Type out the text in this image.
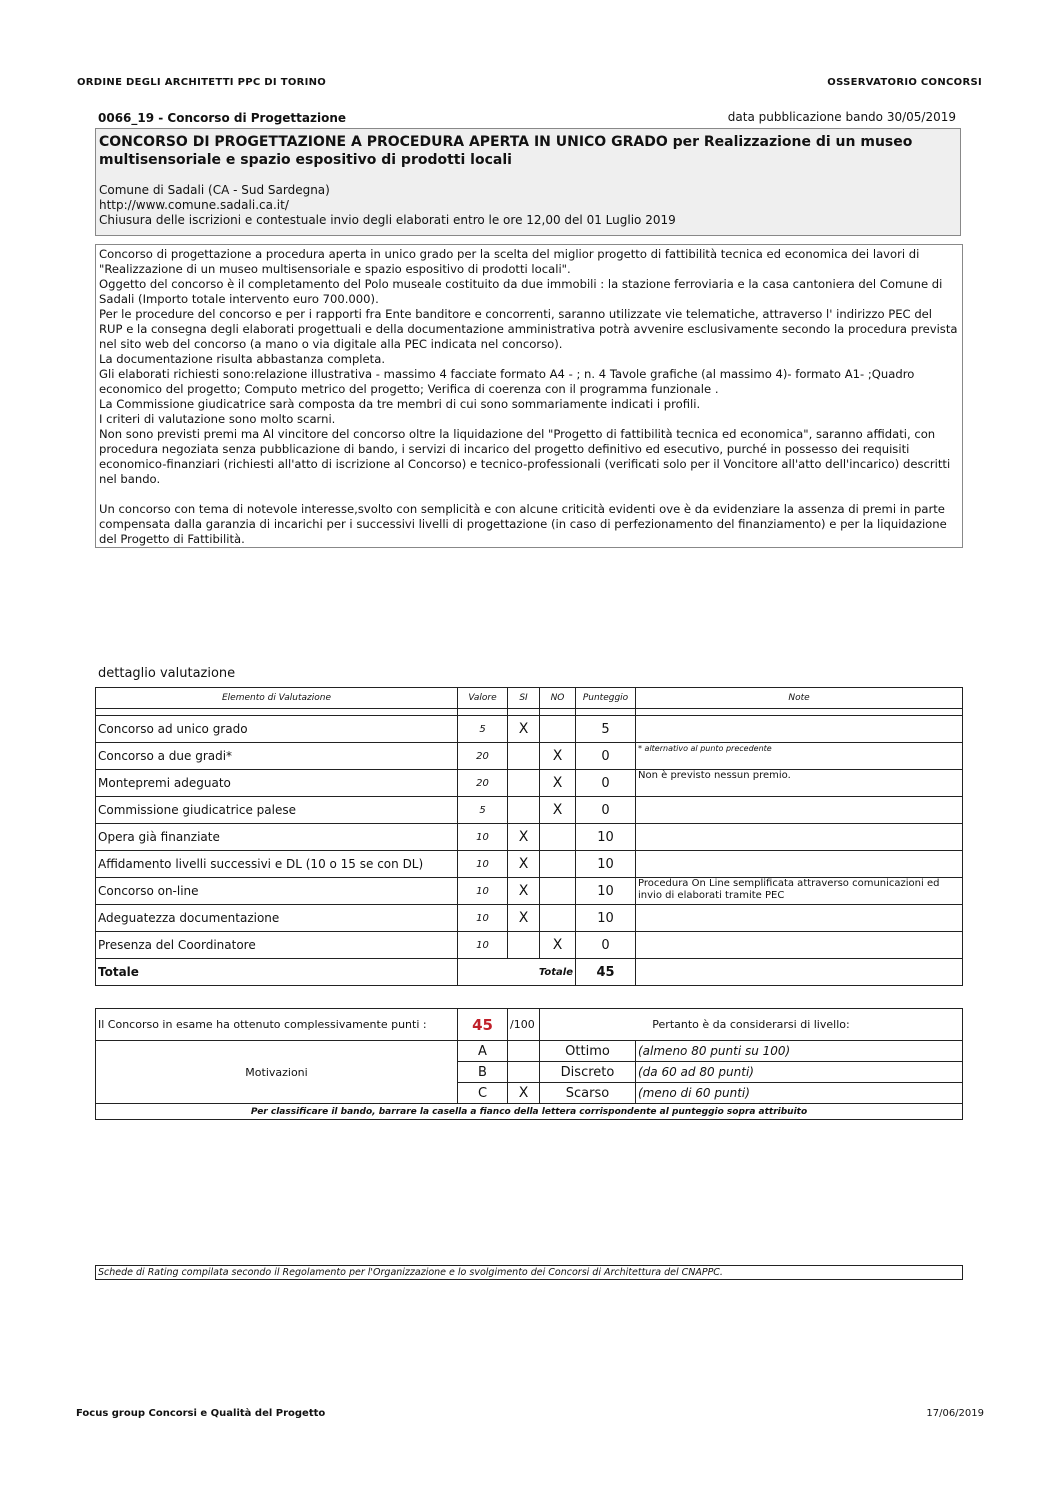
ORDINE DEGLI ARCHITETTI PPC DI TORINO	OSSERVATORIO CONCORSI
0066_19 - Concorso di Progettazione	data pubblicazione bando 30/05/2019
CONCORSO DI PROGETTAZIONE A PROCEDURA APERTA IN UNICO GRADO per Realizzazione di un museo multisensoriale e spazio espositivo di prodotti locali
Comune di Sadali (CA - Sud Sardegna)
http://www.comune.sadali.ca.it/
Chiusura delle iscrizioni e contestuale invio degli elaborati entro le ore 12,00 del 01 Luglio 2019

Concorso di progettazione a procedura aperta in unico grado per la scelta del miglior progetto di fattibilità tecnica ed economica dei lavori di "Realizzazione di un museo multisensoriale e spazio espositivo di prodotti locali".

Oggetto del concorso è il completamento del Polo museale costituito da due immobili : la stazione ferroviaria e la casa cantoniera del Comune di Sadali (Importo totale intervento euro 700.000).

Per le procedure del concorso e per i rapporti fra Ente banditore e concorrenti, saranno utilizzate vie telematiche, attraverso l' indirizzo PEC del RUP e la consegna degli elaborati progettuali e della documentazione amministrativa potrà avvenire esclusivamente secondo la procedura prevista nel sito web del concorso (a mano o via digitale alla PEC indicata nel concorso).

La documentazione risulta abbastanza completa.

Gli elaborati richiesti sono:relazione illustrativa - massimo 4 facciate formato A4 - ; n. 4 Tavole grafiche (al massimo 4)- formato A1- ;Quadro economico del progetto; Computo metrico del progetto; Verifica di coerenza con il programma funzionale .

La Commissione giudicatrice sarà composta da tre membri di cui sono sommariamente indicati i profili.

I criteri di valutazione sono molto scarni.

Non sono previsti premi ma Al vincitore del concorso oltre la liquidazione del "Progetto di fattibilità tecnica ed economica", saranno affidati, con procedura negoziata senza pubblicazione di bando, i servizi di incarico del progetto definitivo ed esecutivo, purché in possesso dei requisiti economico-finanziari (richiesti all'atto di iscrizione al Concorso) e tecnico-professionali (verificati solo per il Voncitore all'atto dell'incarico) descritti nel bando.

Un concorso con tema di notevole interesse,svolto con semplicità e con alcune criticità evidenti ove è da evidenziare la assenza di premi in parte compensata dalla garanzia di incarichi per i successivi livelli di progettazione (in caso di perfezionamento del finanziamento) e per la liquidazione del Progetto di Fattibilità.

dettaglio valutazione
Elemento di Valutazione	Valore	SI	NO	Punteggio	Note

Concorso ad unico grado	5	X		5	
Concorso a due gradi*	20		X	0	* alternativo al punto precedente
Montepremi adeguato	20		X	0	Non è previsto nessun premio.
Commissione giudicatrice palese	5		X	0	
Opera già finanziate	10	X		10	
Affidamento livelli successivi e DL (10 o 15 se con DL)	10	X		10	
Concorso on-line	10	X		10	Procedura On Line semplificata attraverso comunicazioni ed invio di elaborati tramite PEC
Adeguatezza documentazione	10	X		10	
Presenza del Coordinatore	10		X	0	
Totale	Totale			45	
Il Concorso in esame ha ottenuto complessivamente punti :	45	/100	Pertanto è da considerarsi di livello:	
Motivazioni	A		Ottimo	(almeno 80 punti su 100)
	B		Discreto	(da 60 ad 80 punti)
	C	X	Scarso	(meno di 60 punti)
Per classificare il bando, barrare la casella a fianco della lettera corrispondente al punteggio sopra attribuito				
Schede di Rating compilata secondo il Regolamento per l'Organizzazione e lo svolgimento dei Concorsi di Architettura del CNAPPC.
Focus group Concorsi e Qualità del Progetto	17/06/2019
